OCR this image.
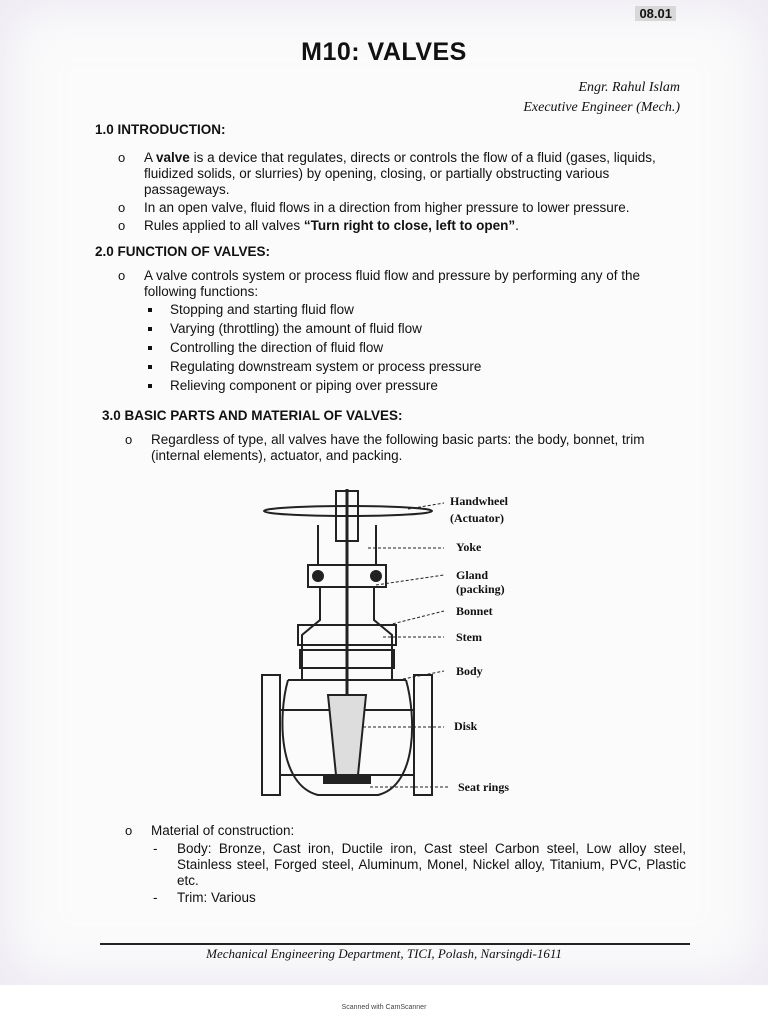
08.01
M10: VALVES
Engr. Rahul Islam
Executive Engineer (Mech.)
1.0 INTRODUCTION:
o A valve is a device that regulates, directs or controls the flow of a fluid (gases, liquids, fluidized solids, or slurries) by opening, closing, or partially obstructing various passageways.
o In an open valve, fluid flows in a direction from higher pressure to lower pressure.
o Rules applied to all valves “Turn right to close, left to open”.
2.0 FUNCTION OF VALVES:
o A valve controls system or process fluid flow and pressure by performing any of the following functions:
Stopping and starting fluid flow
Varying (throttling) the amount of fluid flow
Controlling the direction of fluid flow
Regulating downstream system or process pressure
Relieving component or piping over pressure
3.0 BASIC PARTS AND MATERIAL OF VALVES:
o Regardless of type, all valves have the following basic parts: the body, bonnet, trim (internal elements), actuator, and packing.
Handwheel
(Actuator)
Yoke
Gland
(packing)
Bonnet
Stem
Body
Disk
Seat rings
o Material of construction:
- Body: Bronze, Cast iron, Ductile iron, Cast steel Carbon steel, Low alloy steel, Stainless steel, Forged steel, Aluminum, Monel, Nickel alloy, Titanium, PVC, Plastic etc.
- Trim: Various
Mechanical Engineering Department, TICI, Polash, Narsingdi-1611
Scanned with CamScanner
